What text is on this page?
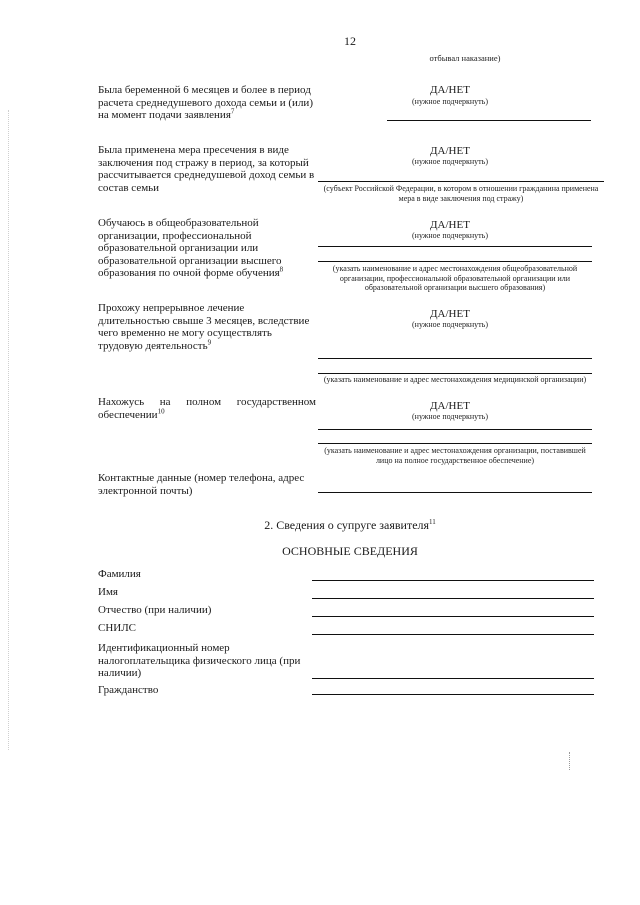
12
отбывал наказание)
Была беременной 6 месяцев и более в период расчета среднедушевого дохода семьи и (или) на момент подачи заявления$^7$
ДА/НЕТ
(нужное подчеркнуть)
Была применена мера пресечения в виде заключения под стражу в период, за который рассчитывается среднедушевой доход семьи в состав семьи
ДА/НЕТ
(нужное подчеркнуть)
(субъект Российской Федерации, в котором в отношении гражданина применена мера в виде заключения под стражу)
Обучаюсь в общеобразовательной организации, профессиональной образовательной организации или образовательной организации высшего образования по очной форме обучения$^8$
ДА/НЕТ
(нужное подчеркнуть)
(указать наименование и адрес местонахождения общеобразовательной организации, профессиональной образовательной организации или образовательной организации высшего образования)
Прохожу непрерывное лечение длительностью свыше 3 месяцев, вследствие чего временно не могу осуществлять трудовую деятельность$^9$
ДА/НЕТ
(нужное подчеркнуть)
(указать наименование и адрес местонахождения медицинской организации)
Нахожусь на полном государственном обеспечении$^{10}$	ДА/НЕТ
(нужное подчеркнуть)
(указать наименование и адрес местонахождения организации, поставившей лицо на полное государственное обеспечение)
Контактные данные (номер телефона, адрес электронной почты)
2. Сведения о супруге заявителя$^{11}$
ОСНОВНЫЕ СВЕДЕНИЯ
Фамилия
Имя
Отчество (при наличии)
СНИЛС
Идентификационный номер налогоплательщика физического лица (при наличии)
Гражданство
